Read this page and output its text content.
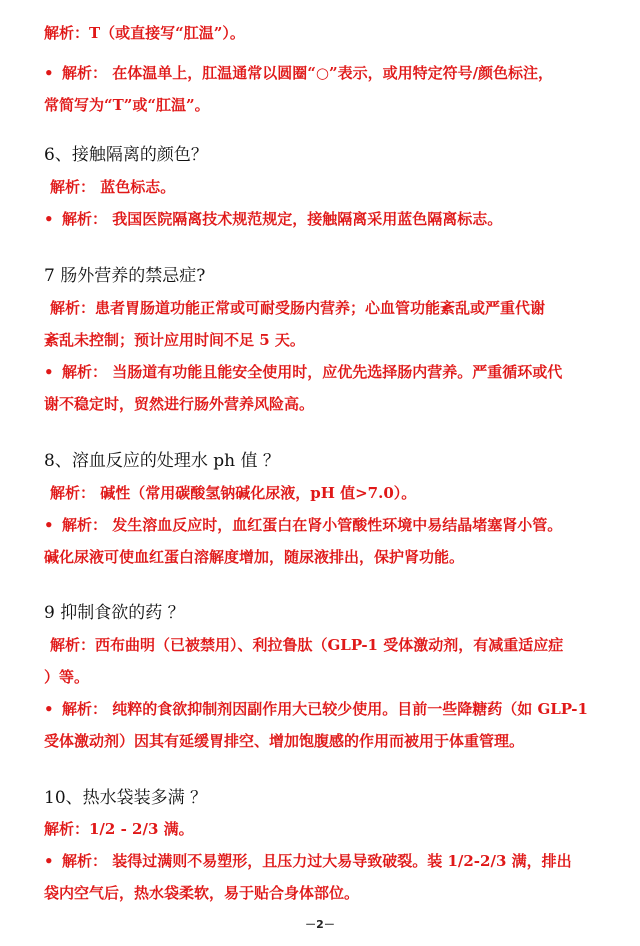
解析：T（或直接写“肛温”）。

• 解析： 在体温单上，肛温通常以圆圈“○”表示，或用特定符号/颜色标注，

常简写为“T”或“肛温”。

6、接触隔离的颜色？

解析： 蓝色标志。

• 解析： 我国医院隔离技术规范规定，接触隔离采用蓝色隔离标志。

7 肠外营养的禁忌症?

解析：患者胃肠道功能正常或可耐受肠内营养；心血管功能紊乱或严重代谢

紊乱未控制；预计应用时间不足 5 天。

• 解析： 当肠道有功能且能安全使用时，应优先选择肠内营养。严重循环或代

谢不稳定时，贸然进行肠外营养风险高。

8、溶血反应的处理水 ph 值 ？

解析： 碱性（常用碳酸氢钠碱化尿液，pH 值>7.0）。

• 解析： 发生溶血反应时，血红蛋白在肾小管酸性环境中易结晶堵塞肾小管。

碱化尿液可使血红蛋白溶解度增加，随尿液排出，保护肾功能。

9 抑制食欲的药 ？

解析：西布曲明（已被禁用）、利拉鲁肽（GLP-1 受体激动剂，有减重适应症

）等。

• 解析： 纯粹的食欲抑制剂因副作用大已较少使用。目前一些降糖药（如 GLP-1

受体激动剂）因其有延缓胃排空、增加饱腹感的作用而被用于体重管理。

10、热水袋装多满 ？

解析：1/2 - 2/3 满。

• 解析： 装得过满则不易塑形，且压力过大易导致破裂。装 1/2-2/3 满，排出

袋内空气后，热水袋柔软，易于贴合身体部位。

－2－
